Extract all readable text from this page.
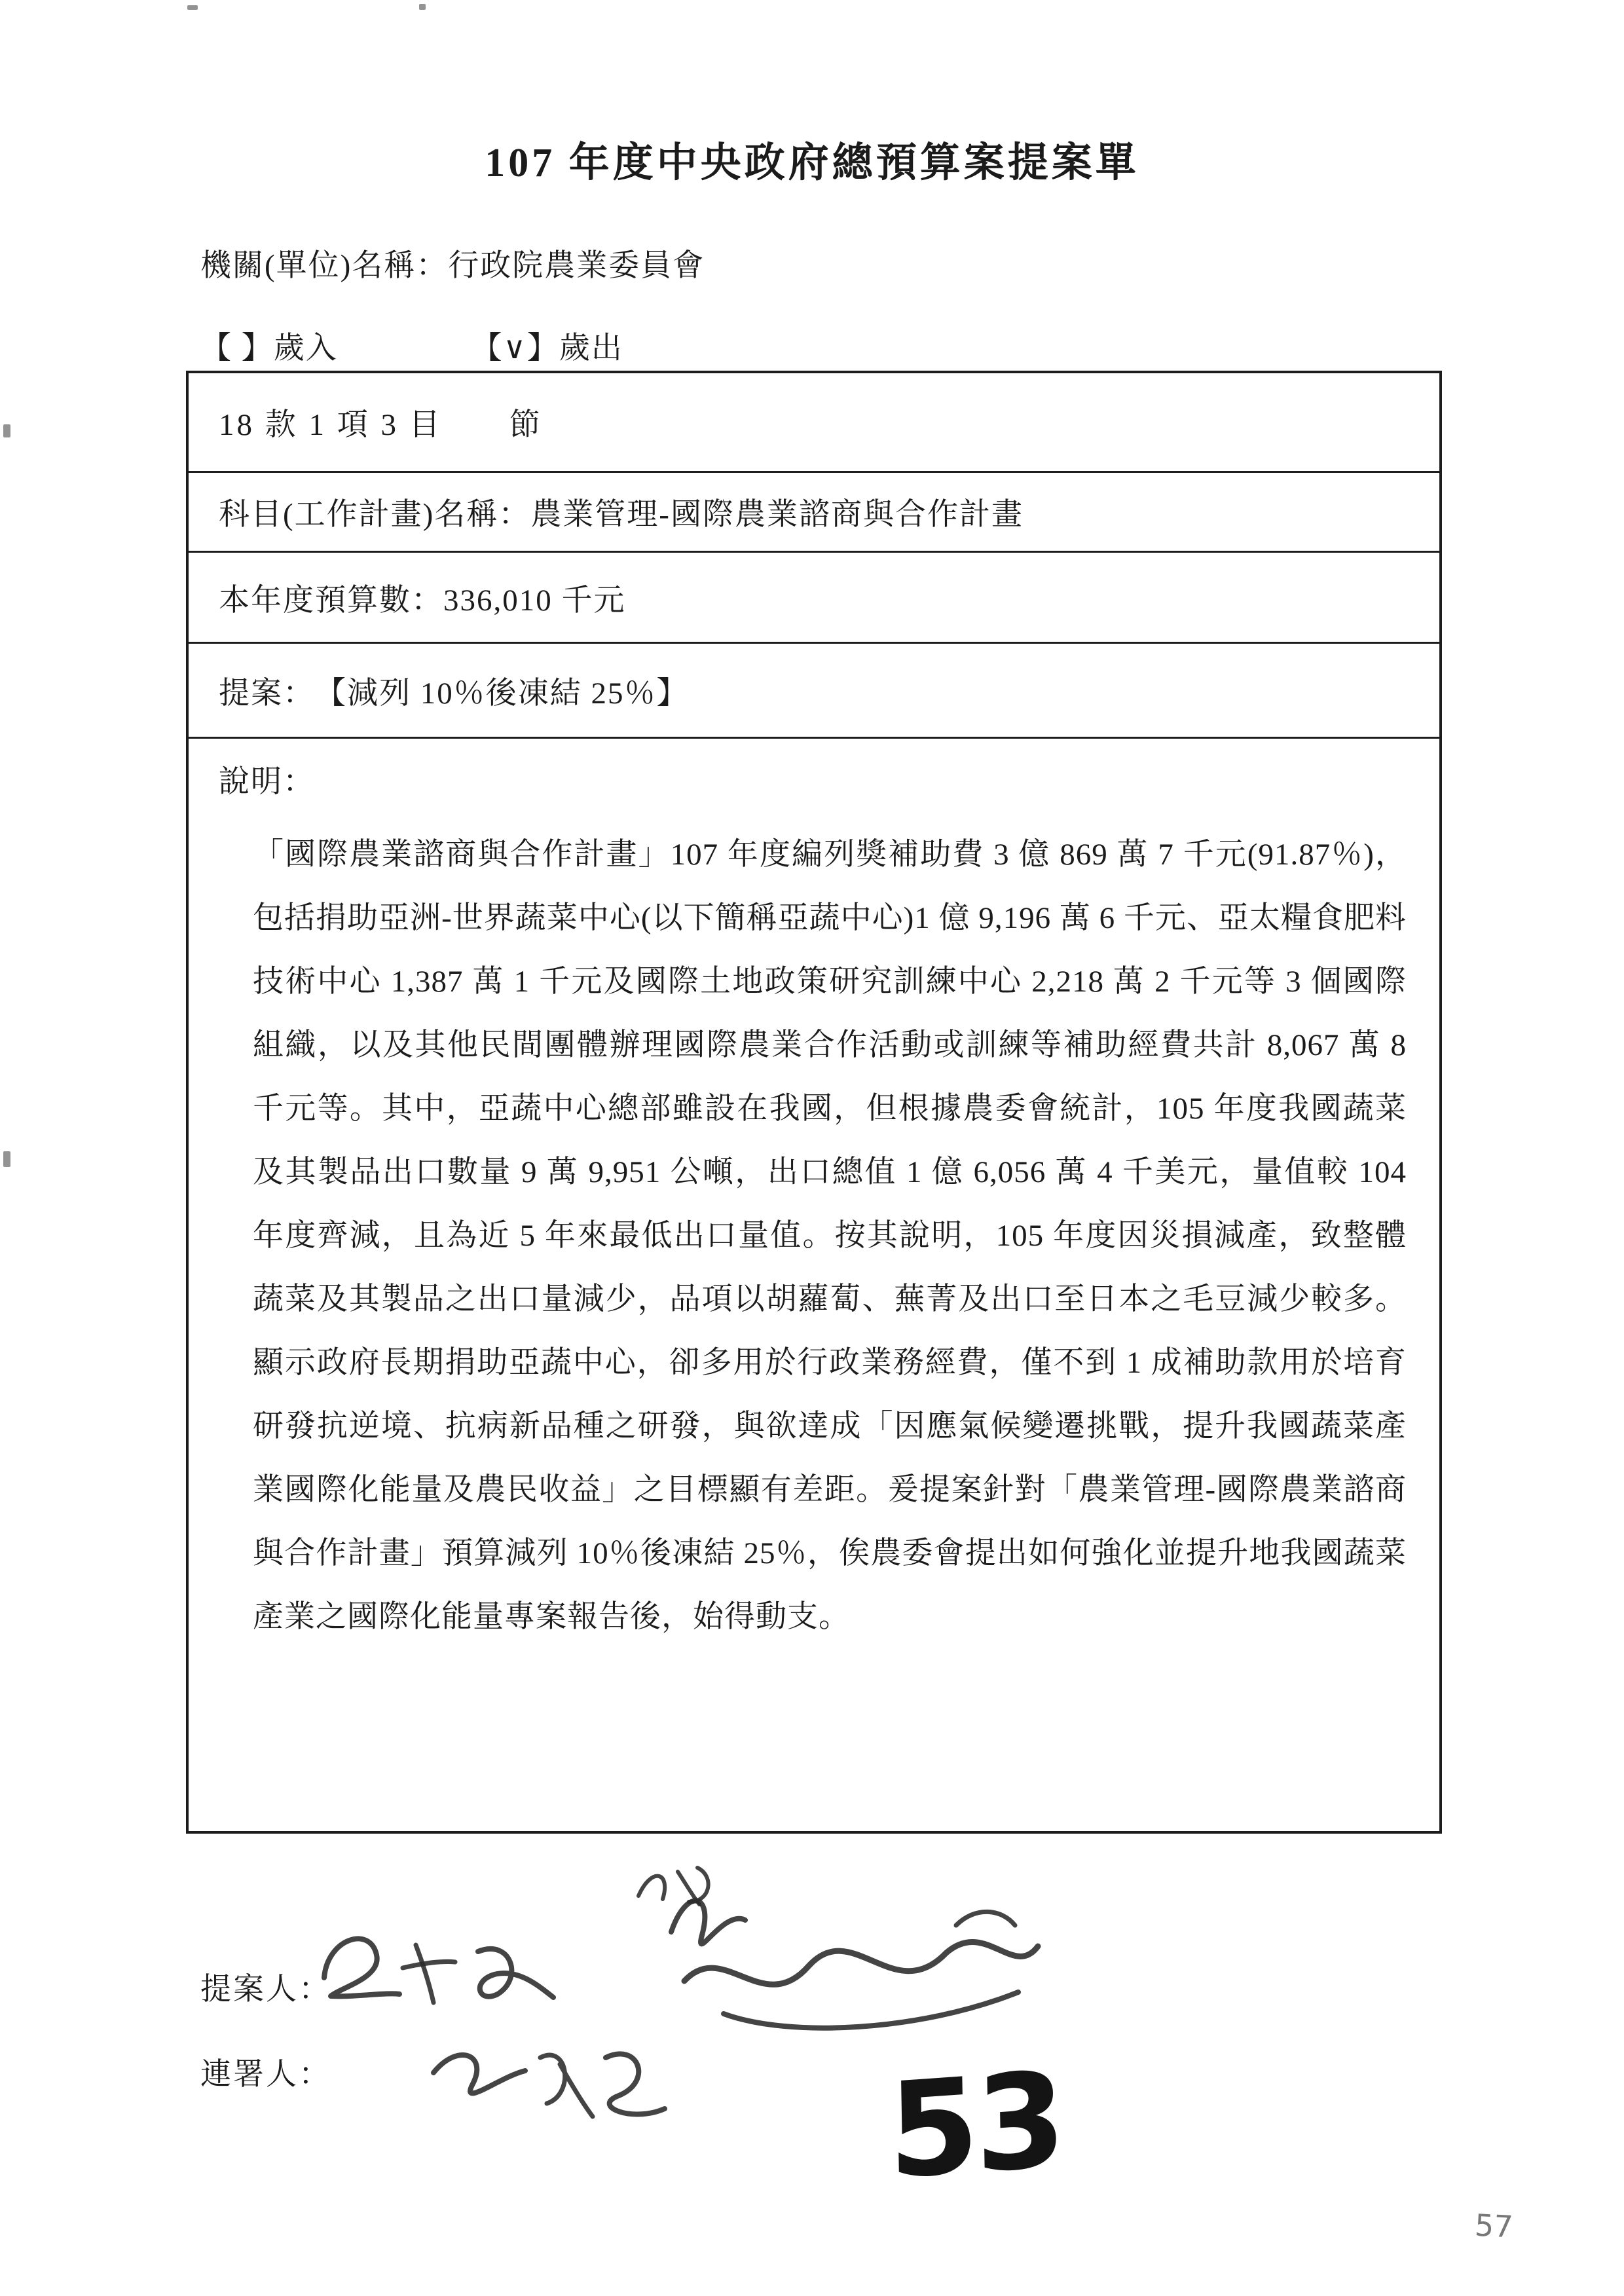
107 年度中央政府總預算案提案單
機關(單位)名稱：行政院農業委員會
【 】歲入	【∨】歲出
18 款 1 項 3 目　　節
科目(工作計畫)名稱： 農業管理-國際農業諮商與合作計畫
本年度預算數： 336,010 千元
提案： 【減列 10％後凍結 25％】
說明：

「國際農業諮商與合作計畫」107 年度編列獎補助費 3 億 869 萬 7 千元(91.87％)，包括捐助亞洲-世界蔬菜中心(以下簡稱亞蔬中心)1 億 9,196 萬 6 千元、亞太糧食肥料技術中心 1,387 萬 1 千元及國際土地政策研究訓練中心 2,218 萬 2 千元等 3 個國際組織，以及其他民間團體辦理國際農業合作活動或訓練等補助經費共計 8,067 萬 8 千元等。其中，亞蔬中心總部雖設在我國，但根據農委會統計，105 年度我國蔬菜及其製品出口數量 9 萬 9,951 公噸，出口總值 1 億 6,056 萬 4 千美元，量值較 104 年度齊減，且為近 5 年來最低出口量值。按其說明，105 年度因災損減產，致整體蔬菜及其製品之出口量減少，品項以胡蘿蔔、蕪菁及出口至日本之毛豆減少較多。顯示政府長期捐助亞蔬中心，卻多用於行政業務經費，僅不到 1 成補助款用於培育研發抗逆境、抗病新品種之研發，與欲達成「因應氣候變遷挑戰，提升我國蔬菜產業國際化能量及農民收益」之目標顯有差距。爰提案針對「農業管理-國際農業諮商與合作計畫」預算減列 10％後凍結 25％，俟農委會提出如何強化並提升地我國蔬菜產業之國際化能量專案報告後，始得動支。

提案人：
連署人：	53
57
